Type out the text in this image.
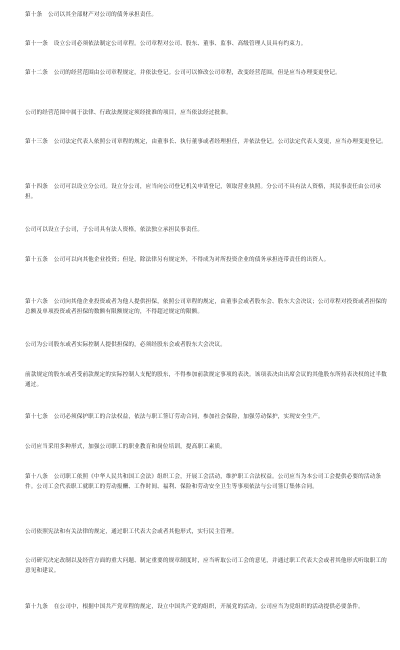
第十条　公司以其全部财产对公司的债务承担责任。

第十一条　设立公司必须依法制定公司章程。公司章程对公司、股东、董事、监事、高级管理人员具有约束力。

第十二条　公司的经营范围由公司章程规定，并依法登记。公司可以修改公司章程，改变经营范围，但是应当办理变更登记。

公司的经营范围中属于法律、行政法规规定须经批准的项目，应当依法经过批准。

第十三条　公司法定代表人依照公司章程的规定，由董事长、执行董事或者经理担任，并依法登记。公司法定代表人变更，应当办理变更登记。

第十四条　公司可以设立分公司。设立分公司，应当向公司登记机关申请登记，领取营业执照。分公司不具有法人资格，其民事责任由公司承担。

公司可以设立子公司，子公司具有法人资格，依法独立承担民事责任。

第十五条　公司可以向其他企业投资；但是，除法律另有规定外，不得成为对所投资企业的债务承担连带责任的出资人。

第十六条　公司向其他企业投资或者为他人提供担保，依照公司章程的规定，由董事会或者股东会、股东大会决议；公司章程对投资或者担保的总额及单项投资或者担保的数额有限额规定的，不得超过规定的限额。

公司为公司股东或者实际控制人提供担保的，必须经股东会或者股东大会决议。

前款规定的股东或者受前款规定的实际控制人支配的股东，不得参加前款规定事项的表决。该项表决由出席会议的其他股东所持表决权的过半数通过。

第十七条　公司必须保护职工的合法权益，依法与职工签订劳动合同，参加社会保险，加强劳动保护，实现安全生产。

公司应当采用多种形式，加强公司职工的职业教育和岗位培训，提高职工素质。

第十八条　公司职工依照《中华人民共和国工会法》组织工会，开展工会活动，维护职工合法权益。公司应当为本公司工会提供必要的活动条件。公司工会代表职工就职工的劳动报酬、工作时间、福利、保险和劳动安全卫生等事项依法与公司签订集体合同。

公司依照宪法和有关法律的规定，通过职工代表大会或者其他形式，实行民主管理。

公司研究决定改制以及经营方面的重大问题、制定重要的规章制度时，应当听取公司工会的意见，并通过职工代表大会或者其他形式听取职工的意见和建议。

第十九条　在公司中，根据中国共产党章程的规定，设立中国共产党的组织，开展党的活动。公司应当为党组织的活动提供必要条件。
